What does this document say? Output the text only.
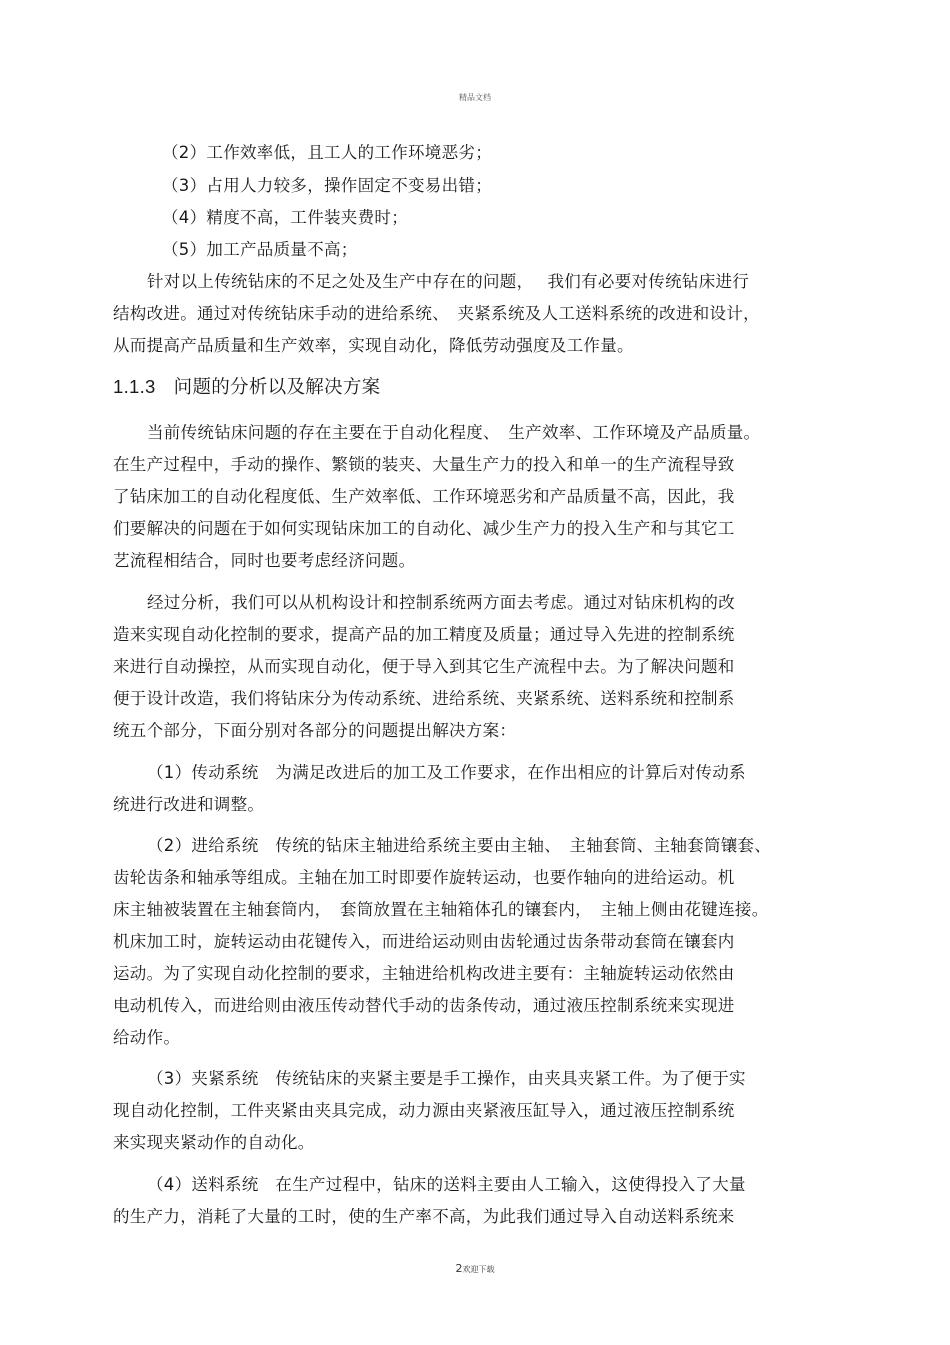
精品文档
（2）工作效率低，且工人的工作环境恶劣；
（3）占用人力较多，操作固定不变易出错；
（4）精度不高，工件装夹费时；
（5）加工产品质量不高；
针对以上传统钻床的不足之处及生产中存在的问题，　 我们有必要对传统钻床进行
结构改进。通过对传统钻床手动的进给系统、　夹紧系统及人工送料系统的改进和设计，
从而提高产品质量和生产效率，实现自动化，降低劳动强度及工作量。
1.1.3 问题的分析以及解决方案
当前传统钻床问题的存在主要在于自动化程度、　生产效率、工作环境及产品质量。
在生产过程中，手动的操作、繁锁的装夹、大量生产力的投入和单一的生产流程导致
了钻床加工的自动化程度低、生产效率低、工作环境恶劣和产品质量不高，因此，我
们要解决的问题在于如何实现钻床加工的自动化、减少生产力的投入生产和与其它工
艺流程相结合，同时也要考虑经济问题。
经过分析，我们可以从机构设计和控制系统两方面去考虑。通过对钻床机构的改
造来实现自动化控制的要求，提高产品的加工精度及质量；通过导入先进的控制系统
来进行自动操控，从而实现自动化，便于导入到其它生产流程中去。为了解决问题和
便于设计改造，我们将钻床分为传动系统、进给系统、夹紧系统、送料系统和控制系
统五个部分，下面分别对各部分的问题提出解决方案：
（1）传动系统　为满足改进后的加工及工作要求，在作出相应的计算后对传动系
统进行改进和调整。
（2）进给系统　传统的钻床主轴进给系统主要由主轴、　主轴套筒、主轴套筒镶套、
齿轮齿条和轴承等组成。主轴在加工时即要作旋转运动，也要作轴向的进给运动。机
床主轴被装置在主轴套筒内，　套筒放置在主轴箱体孔的镶套内，　主轴上侧由花键连接。
机床加工时，旋转运动由花键传入，而进给运动则由齿轮通过齿条带动套筒在镶套内
运动。为了实现自动化控制的要求，主轴进给机构改进主要有：主轴旋转运动依然由
电动机传入，而进给则由液压传动替代手动的齿条传动，通过液压控制系统来实现进
给动作。
（3）夹紧系统　传统钻床的夹紧主要是手工操作，由夹具夹紧工件。为了便于实
现自动化控制，工件夹紧由夹具完成，动力源由夹紧液压缸导入，通过液压控制系统
来实现夹紧动作的自动化。
（4）送料系统　在生产过程中，钻床的送料主要由人工输入，这使得投入了大量
的生产力，消耗了大量的工时，使的生产率不高，为此我们通过导入自动送料系统来
2欢迎下载
